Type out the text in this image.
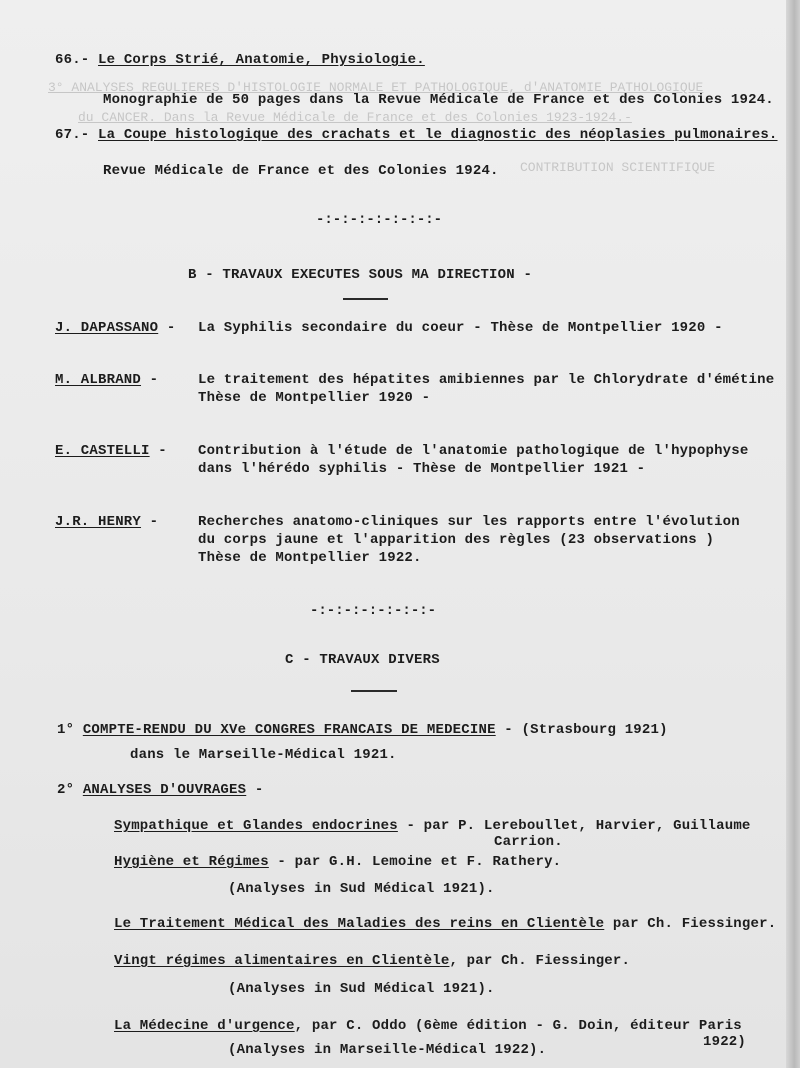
3° ANALYSES REGULIERES D'HISTOLOGIE NORMALE ET PATHOLOGIQUE, d'ANATOMIE PATHOLOGIQUE
du CANCER. Dans la Revue Médicale de France et des Colonies 1923-1924.-
CONTRIBUTION SCIENTIFIQUE
66.- Le Corps Strié, Anatomie, Physiologie.
Monographie de 50 pages dans la Revue Médicale de France et des Colonies 1924.
67.- La Coupe histologique des crachats et le diagnostic des néoplasies pulmonaires.
Revue Médicale de France et des Colonies 1924.
-:-:-:-:-:-:-:-
B - TRAVAUX EXECUTES SOUS MA DIRECTION -
J. DAPASSANO - La Syphilis secondaire du coeur - Thèse de Montpellier 1920 -
M. ALBRAND -	Le traitement des hépatites amibiennes par le Chlorydrate d'émétine
Thèse de Montpellier 1920 -
E. CASTELLI - Contribution à l'étude de l'anatomie pathologique de l'hypophyse
dans l'hérédo syphilis - Thèse de Montpellier 1921 -
J.R. HENRY -	Recherches anatomo-cliniques sur les rapports entre l'évolution
du corps jaune et l'apparition des règles (23 observations )
Thèse de Montpellier 1922.
-:-:-:-:-:-:-:-
C - TRAVAUX DIVERS
1° COMPTE-RENDU DU XVe CONGRES FRANCAIS DE MEDECINE - (Strasbourg 1921)
dans le Marseille-Médical 1921.
2° ANALYSES D'OUVRAGES -
Sympathique et Glandes endocrines - par P. Lereboullet, Harvier, Guillaume
Carrion.
Hygiène et Régimes - par G.H. Lemoine et F. Rathery.
(Analyses in Sud Médical 1921).
Le Traitement Médical des Maladies des reins en Clientèle par Ch. Fiessinger.
Vingt régimes alimentaires en Clientèle, par Ch. Fiessinger.
(Analyses in Sud Médical 1921).
La Médecine d'urgence, par C. Oddo (6ème édition - G. Doin, éditeur Paris
1922)
(Analyses in Marseille-Médical 1922).
